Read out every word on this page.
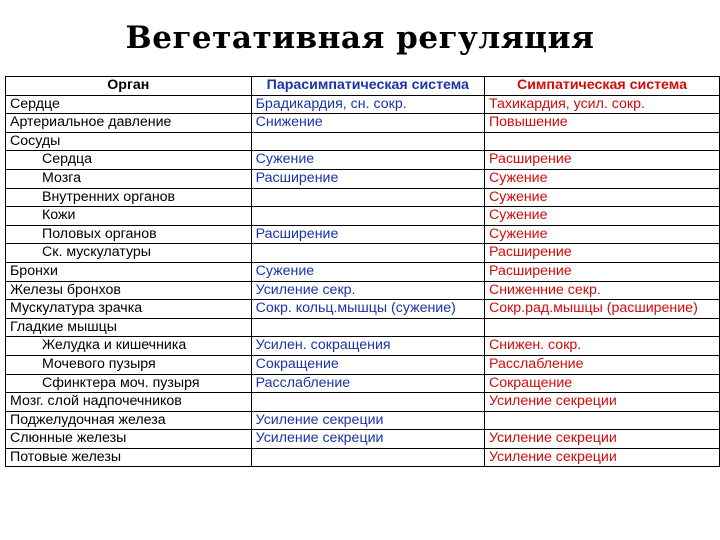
Вегетативная регуляция
Орган	Парасимпатическая система	Симпатическая система
Сердце	Брадикардия, сн. сокр.	Тахикардия, усил. сокр.
Артериальное давление	Снижение	Повышение
Сосуды		
Сердца	Сужение	Расширение
Мозга	Расширение	Сужение
Внутренних органов		Сужение
Кожи		Сужение
Половых органов	Расширение	Сужение
Ск. мускулатуры		Расширение
Бронхи	Сужение	Расширение
Железы бронхов	Усиление секр.	Сниженние секр.
Мускулатура зрачка	Сокр. кольц.мышцы (сужение)	Сокр.рад.мышцы (расширение)
Гладкие мышцы		
Желудка и кишечника	Усилен. сокращения	Снижен. сокр.
Мочевого пузыря	Сокращение	Расслабление
Сфинктера моч. пузыря	Расслабление	Сокращение
Мозг. слой надпочечников		Усиление секреции
Поджелудочная железа	Усиление секреции	
Слюнные железы	Усиление секреции	Усиление секреции
Потовые железы		Усиление секреции
